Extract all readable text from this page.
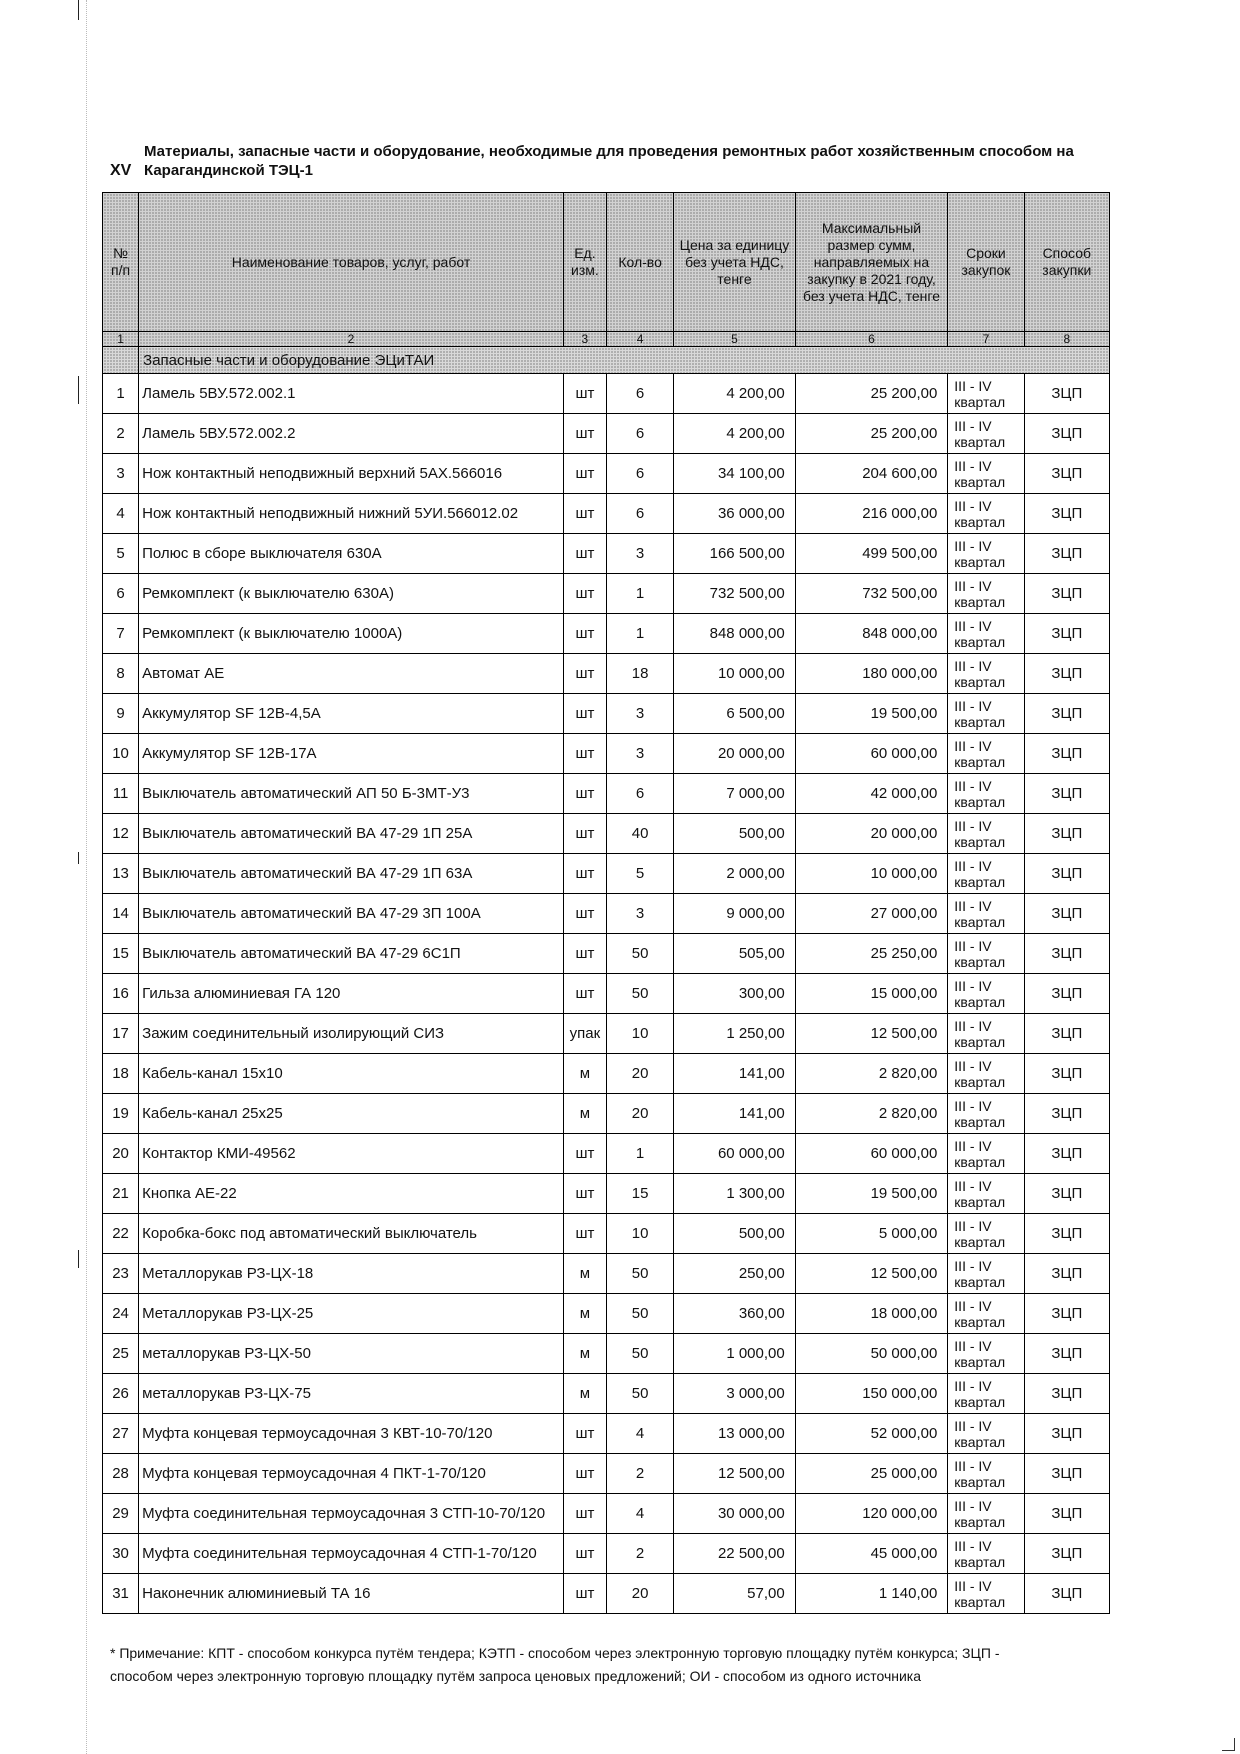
XV
Материалы, запасные части и оборудование, необходимые для проведения ремонтных работ хозяйственным способом на Карагандинской ТЭЦ-1
№ п/п	Наименование товаров, услуг, работ	Ед. изм.	Кол-во	Цена за единицу без учета НДС, тенге	Максимальный размер сумм, направляемых на закупку в 2021 году, без учета НДС, тенге	Сроки закупок	Способ закупки
1	2	3	4	5	6	7	8
	Запасные части и оборудование ЭЦиТАИ						
1	Ламель 5ВУ.572.002.1	шт	6	4 200,00	25 200,00	III - IV квартал	ЗЦП
2	Ламель 5ВУ.572.002.2	шт	6	4 200,00	25 200,00	III - IV квартал	ЗЦП
3	Нож контактный неподвижный верхний 5АХ.566016	шт	6	34 100,00	204 600,00	III - IV квартал	ЗЦП
4	Нож контактный неподвижный нижний 5УИ.566012.02	шт	6	36 000,00	216 000,00	III - IV квартал	ЗЦП
5	Полюс в сборе выключателя 630А	шт	3	166 500,00	499 500,00	III - IV квартал	ЗЦП
6	Ремкомплект (к выключателю 630А)	шт	1	732 500,00	732 500,00	III - IV квартал	ЗЦП
7	Ремкомплект (к выключателю 1000А)	шт	1	848 000,00	848 000,00	III - IV квартал	ЗЦП
8	Автомат АЕ	шт	18	10 000,00	180 000,00	III - IV квартал	ЗЦП
9	Аккумулятор SF 12В-4,5А	шт	3	6 500,00	19 500,00	III - IV квартал	ЗЦП
10	Аккумулятор SF 12В-17А	шт	3	20 000,00	60 000,00	III - IV квартал	ЗЦП
11	Выключатель автоматический АП 50 Б-3МТ-У3	шт	6	7 000,00	42 000,00	III - IV квартал	ЗЦП
12	Выключатель автоматический ВА 47-29 1П 25А	шт	40	500,00	20 000,00	III - IV квартал	ЗЦП
13	Выключатель автоматический ВА 47-29 1П 63А	шт	5	2 000,00	10 000,00	III - IV квартал	ЗЦП
14	Выключатель автоматический ВА 47-29 3П 100А	шт	3	9 000,00	27 000,00	III - IV квартал	ЗЦП
15	Выключатель автоматический ВА 47-29 6С1П	шт	50	505,00	25 250,00	III - IV квартал	ЗЦП
16	Гильза алюминиевая ГА 120	шт	50	300,00	15 000,00	III - IV квартал	ЗЦП
17	Зажим соединительный изолирующий СИЗ	упак	10	1 250,00	12 500,00	III - IV квартал	ЗЦП
18	Кабель-канал 15х10	м	20	141,00	2 820,00	III - IV квартал	ЗЦП
19	Кабель-канал 25х25	м	20	141,00	2 820,00	III - IV квартал	ЗЦП
20	Контактор КМИ-49562	шт	1	60 000,00	60 000,00	III - IV квартал	ЗЦП
21	Кнопка АЕ-22	шт	15	1 300,00	19 500,00	III - IV квартал	ЗЦП
22	Коробка-бокс под автоматический выключатель	шт	10	500,00	5 000,00	III - IV квартал	ЗЦП
23	Металлорукав РЗ-ЦХ-18	м	50	250,00	12 500,00	III - IV квартал	ЗЦП
24	Металлорукав РЗ-ЦХ-25	м	50	360,00	18 000,00	III - IV квартал	ЗЦП
25	металлорукав РЗ-ЦХ-50	м	50	1 000,00	50 000,00	III - IV квартал	ЗЦП
26	металлорукав РЗ-ЦХ-75	м	50	3 000,00	150 000,00	III - IV квартал	ЗЦП
27	Муфта концевая термоусадочная 3 КВТ-10-70/120	шт	4	13 000,00	52 000,00	III - IV квартал	ЗЦП
28	Муфта концевая термоусадочная 4 ПКТ-1-70/120	шт	2	12 500,00	25 000,00	III - IV квартал	ЗЦП
29	Муфта соединительная термоусадочная 3 СТП-10-70/120	шт	4	30 000,00	120 000,00	III - IV квартал	ЗЦП
30	Муфта соединительная термоусадочная 4 СТП-1-70/120	шт	2	22 500,00	45 000,00	III - IV квартал	ЗЦП
31	Наконечник алюминиевый ТА 16	шт	20	57,00	1 140,00	III - IV квартал	ЗЦП
* Примечание: КПТ - способом конкурса путём тендера; КЭТП - способом через электронную торговую площадку путём конкурса; ЗЦП - способом через электронную торговую площадку путём запроса ценовых предложений; ОИ - способом из одного источника
